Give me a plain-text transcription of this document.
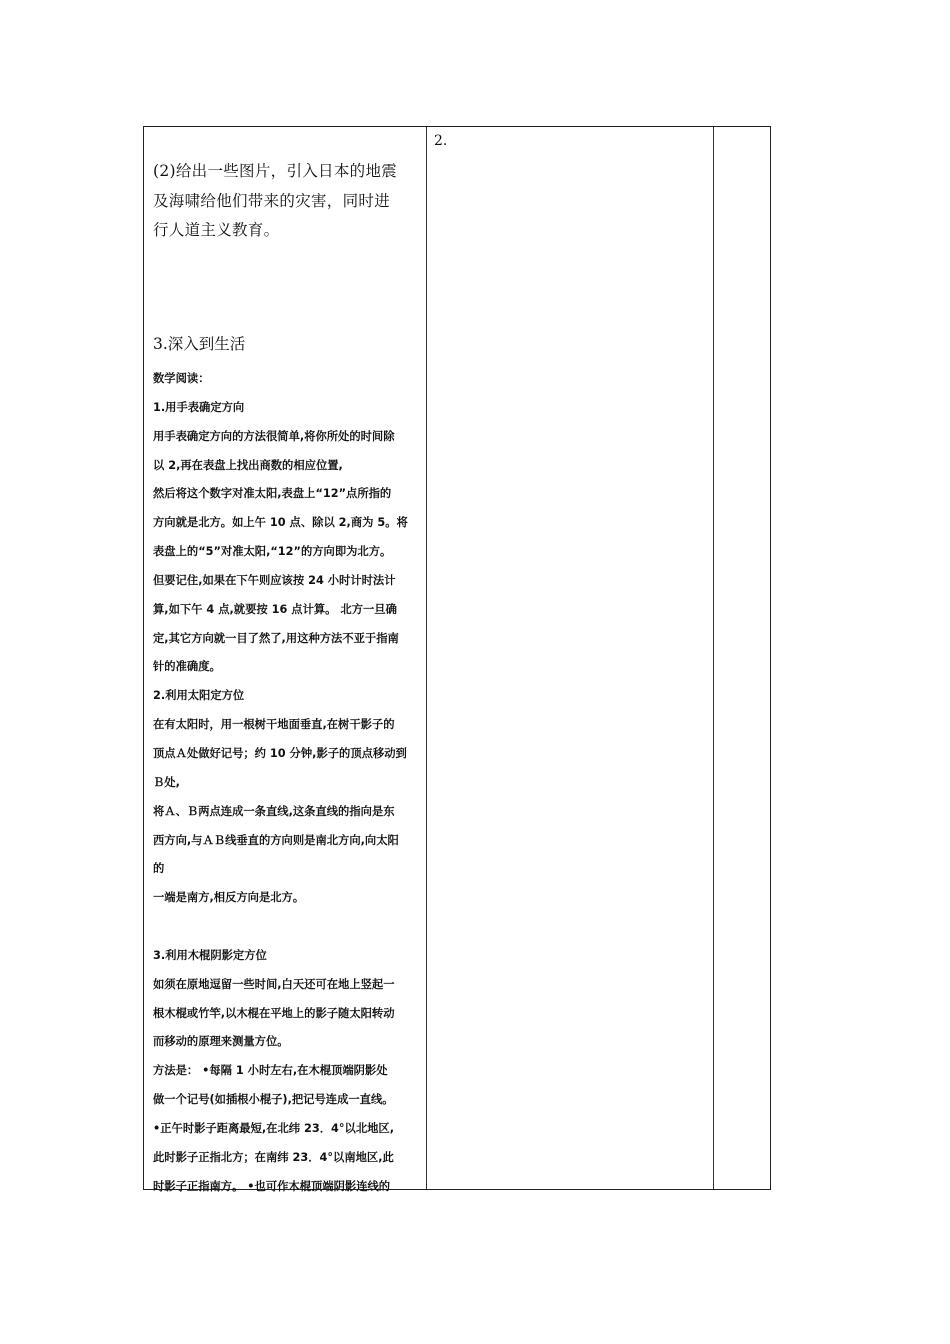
(2)给出一些图片，引入日本的地震
及海啸给他们带来的灾害，同时进
行人道主义教育。
3.深入到生活
数学阅读：
1.用手表确定方向
用手表确定方向的方法很简单,将你所处的时间除
以 2,再在表盘上找出商数的相应位置,
然后将这个数字对准太阳,表盘上“12”点所指的
方向就是北方。如上午 10 点、除以 2,商为 5。将
表盘上的“5”对准太阳,“12”的方向即为北方。
但要记住,如果在下午则应该按 24 小时计时法计
算,如下午 4 点,就要按 16 点计算。 北方一旦确
定,其它方向就一目了然了,用这种方法不亚于指南
针的准确度。
2.利用太阳定方位
在有太阳时，用一根树干地面垂直,在树干影子的
顶点Ａ处做好记号；约 10 分钟,影子的顶点移动到
Ｂ处,
将Ａ、Ｂ两点连成一条直线,这条直线的指向是东
西方向,与ＡＢ线垂直的方向则是南北方向,向太阳
的
一端是南方,相反方向是北方。
3.利用木棍阴影定方位
如须在原地逗留一些时间,白天还可在地上竖起一
根木棍或竹竿,以木棍在平地上的影子随太阳转动
而移动的原理来测量方位。
方法是： •每隔 1 小时左右,在木棍顶端阴影处
做一个记号(如插根小棍子),把记号连成一直线。
•正午时影子距离最短,在北纬 23．4°以北地区,
此时影子正指北方；在南纬 23．4°以南地区,此
时影子正指南方。 •也可作木棍顶端阴影连线的
2.
